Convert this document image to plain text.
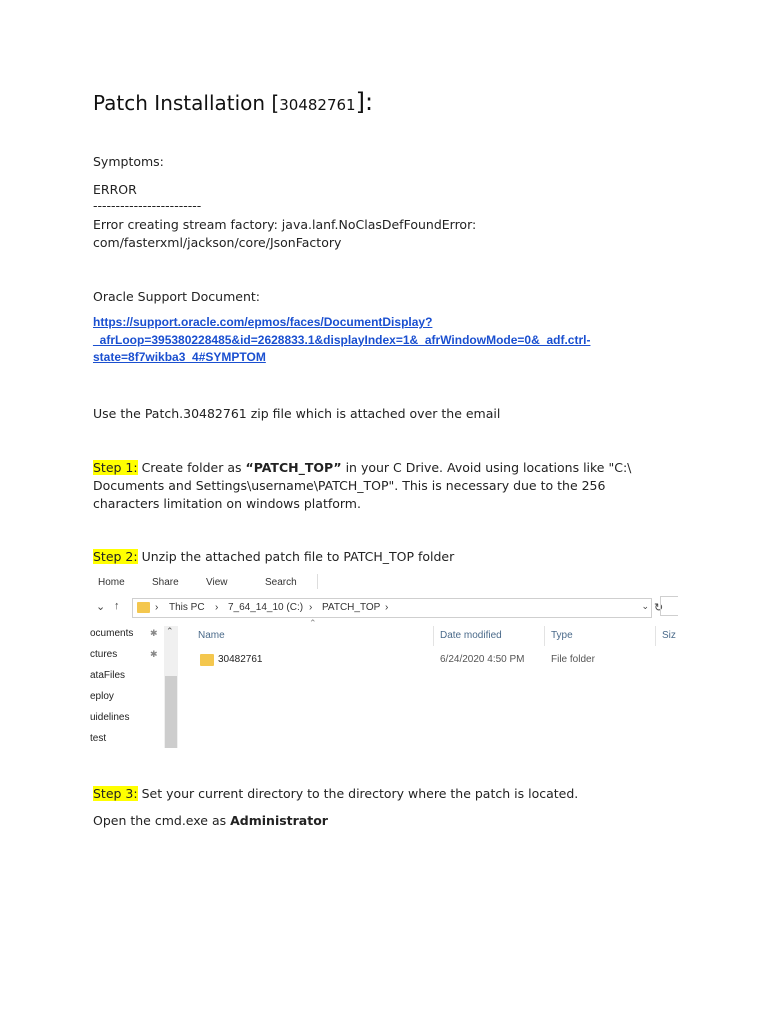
Patch Installation [30482761]:
Symptoms:
ERROR
------------------------
Error creating stream factory: java.lanf.NoClasDefFoundError:
com/fasterxml/jackson/core/JsonFactory
Oracle Support Document:
https://support.oracle.com/epmos/faces/DocumentDisplay?
_afrLoop=395380228485&id=2628833.1&displayIndex=1&_afrWindowMode=0&_adf.ctrl-
state=8f7wikba3_4#SYMPTOM
Use the Patch.30482761 zip file which is attached over the email
Step 1: Create folder as “PATCH_TOP” in your C Drive. Avoid using locations like "C:\
Documents and Settings\username\PATCH_TOP". This is necessary due to the 256
characters limitation on windows platform.
Step 2: Unzip the attached patch file to PATCH_TOP folder
Home	Share	View	Search
⌄ ↑	› This PC › 7_64_14_10 (C:) › PATCH_TOP ›	⌄ ↻
ocuments ✱
ctures	✱
ataFiles
eploy
uidelines
test
⌃
⌃
Name	Date modified	Type	Siz
30482761	6/24/2020 4:50 PM	File folder
Step 3: Set your current directory to the directory where the patch is located.
Open the cmd.exe as Administrator
